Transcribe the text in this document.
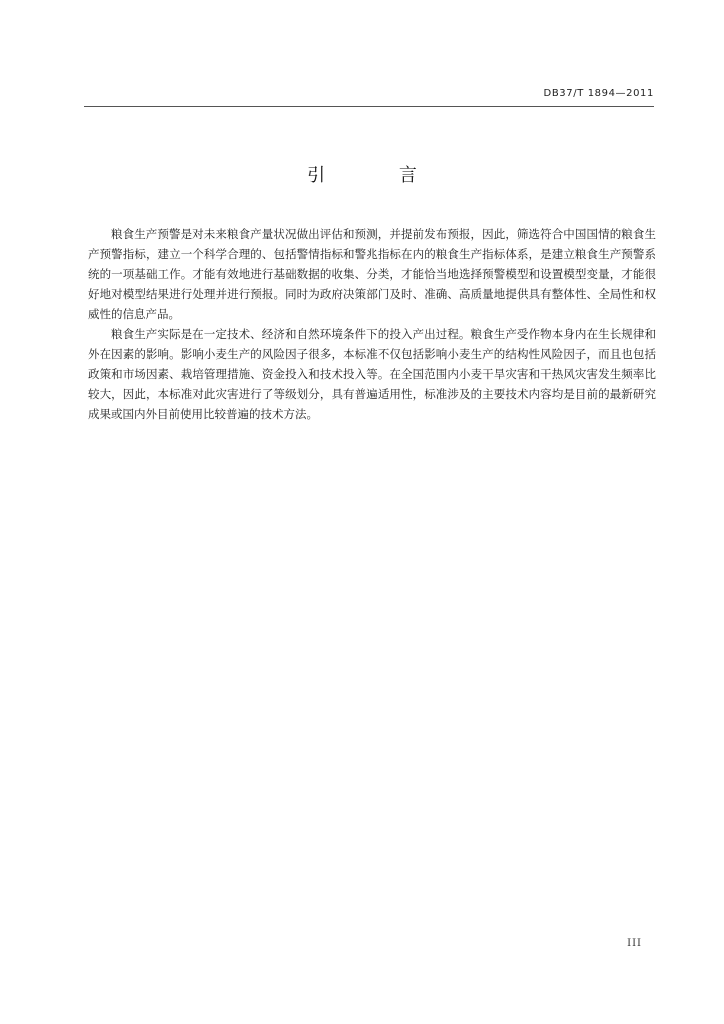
DB37/T 1894—2011
引 言

粮食生产预警是对未来粮食产量状况做出评估和预测，并提前发布预报，因此，筛选符合中国国情的粮食生产预警指标，建立一个科学合理的、包括警情指标和警兆指标在内的粮食生产指标体系，是建立粮食生产预警系统的一项基础工作。才能有效地进行基础数据的收集、分类，才能恰当地选择预警模型和设置模型变量，才能很好地对模型结果进行处理并进行预报。同时为政府决策部门及时、准确、高质量地提供具有整体性、全局性和权威性的信息产品。

粮食生产实际是在一定技术、经济和自然环境条件下的投入产出过程。粮食生产受作物本身内在生长规律和外在因素的影响。影响小麦生产的风险因子很多，本标准不仅包括影响小麦生产的结构性风险因子，而且也包括政策和市场因素、栽培管理措施、资金投入和技术投入等。在全国范围内小麦干旱灾害和干热风灾害发生频率比较大，因此，本标准对此灾害进行了等级划分，具有普遍适用性，标准涉及的主要技术内容均是目前的最新研究成果或国内外目前使用比较普遍的技术方法。

III
